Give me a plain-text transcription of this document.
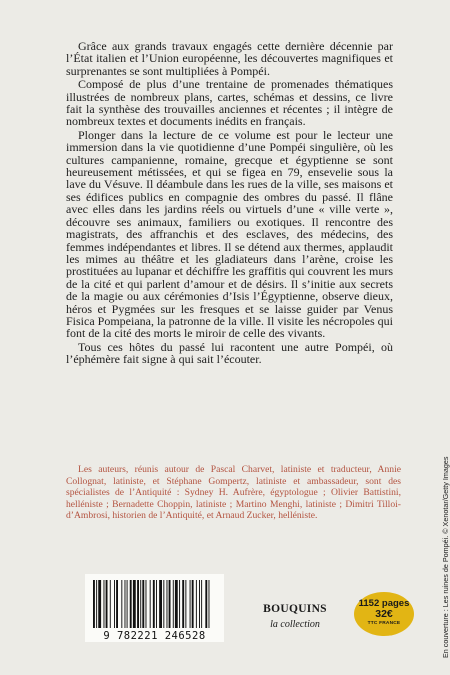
Grâce aux grands travaux engagés cette dernière décennie par l’État italien et l’Union européenne, les découvertes magnifiques et surprenantes se sont multipliées à Pompéi.

Composé de plus d’une trentaine de promenades thématiques illustrées de nombreux plans, cartes, schémas et dessins, ce livre fait la synthèse des trouvailles anciennes et récentes ; il intègre de nombreux textes et documents inédits en français.

Plonger dans la lecture de ce volume est pour le lecteur une immersion dans la vie quotidienne d’une Pompéi singulière, où les cultures campanienne, romaine, grecque et égyptienne se sont heureusement métissées, et qui se figea en 79, ensevelie sous la lave du Vésuve. Il déambule dans les rues de la ville, ses maisons et ses édifices publics en compagnie des ombres du passé. Il flâne avec elles dans les jardins réels ou virtuels d’une « ville verte », découvre ses animaux, familiers ou exotiques. Il rencontre des magistrats, des affranchis et des esclaves, des médecins, des femmes indépendantes et libres. Il se détend aux thermes, applaudit les mimes au théâtre et les gladiateurs dans l’arène, croise les prostituées au lupanar et déchiffre les graffitis qui couvrent les murs de la cité et qui parlent d’amour et de désirs. Il s’initie aux secrets de la magie ou aux cérémonies d’Isis l’Égyptienne, observe dieux, héros et Pygmées sur les fresques et se laisse guider par Venus Fisica Pompeiana, la patronne de la ville. Il visite les nécropoles qui font de la cité des morts le miroir de celle des vivants.

Tous ces hôtes du passé lui racontent une autre Pompéi, où l’éphémère fait signe à qui sait l’écouter.

Les auteurs, réunis autour de Pascal Charvet, latiniste et traducteur, Annie Collognat, latiniste, et Stéphane Gompertz, latiniste et ambassadeur, sont des spécialistes de l’Antiquité : Sydney H. Aufrère, égyptologue ; Olivier Battistini, helléniste ; Bernadette Choppin, latiniste ; Martino Menghi, latiniste ; Dimitri Tilloi-d’Ambrosi, historien de l’Antiquité, et Arnaud Zucker, helléniste.

9 782221 246528
BOUQUINS
la collection
1152 pages
32€
TTC FRANCE	En couverture : Les ruines de Pompéi. © Xenotar/Getty Images
